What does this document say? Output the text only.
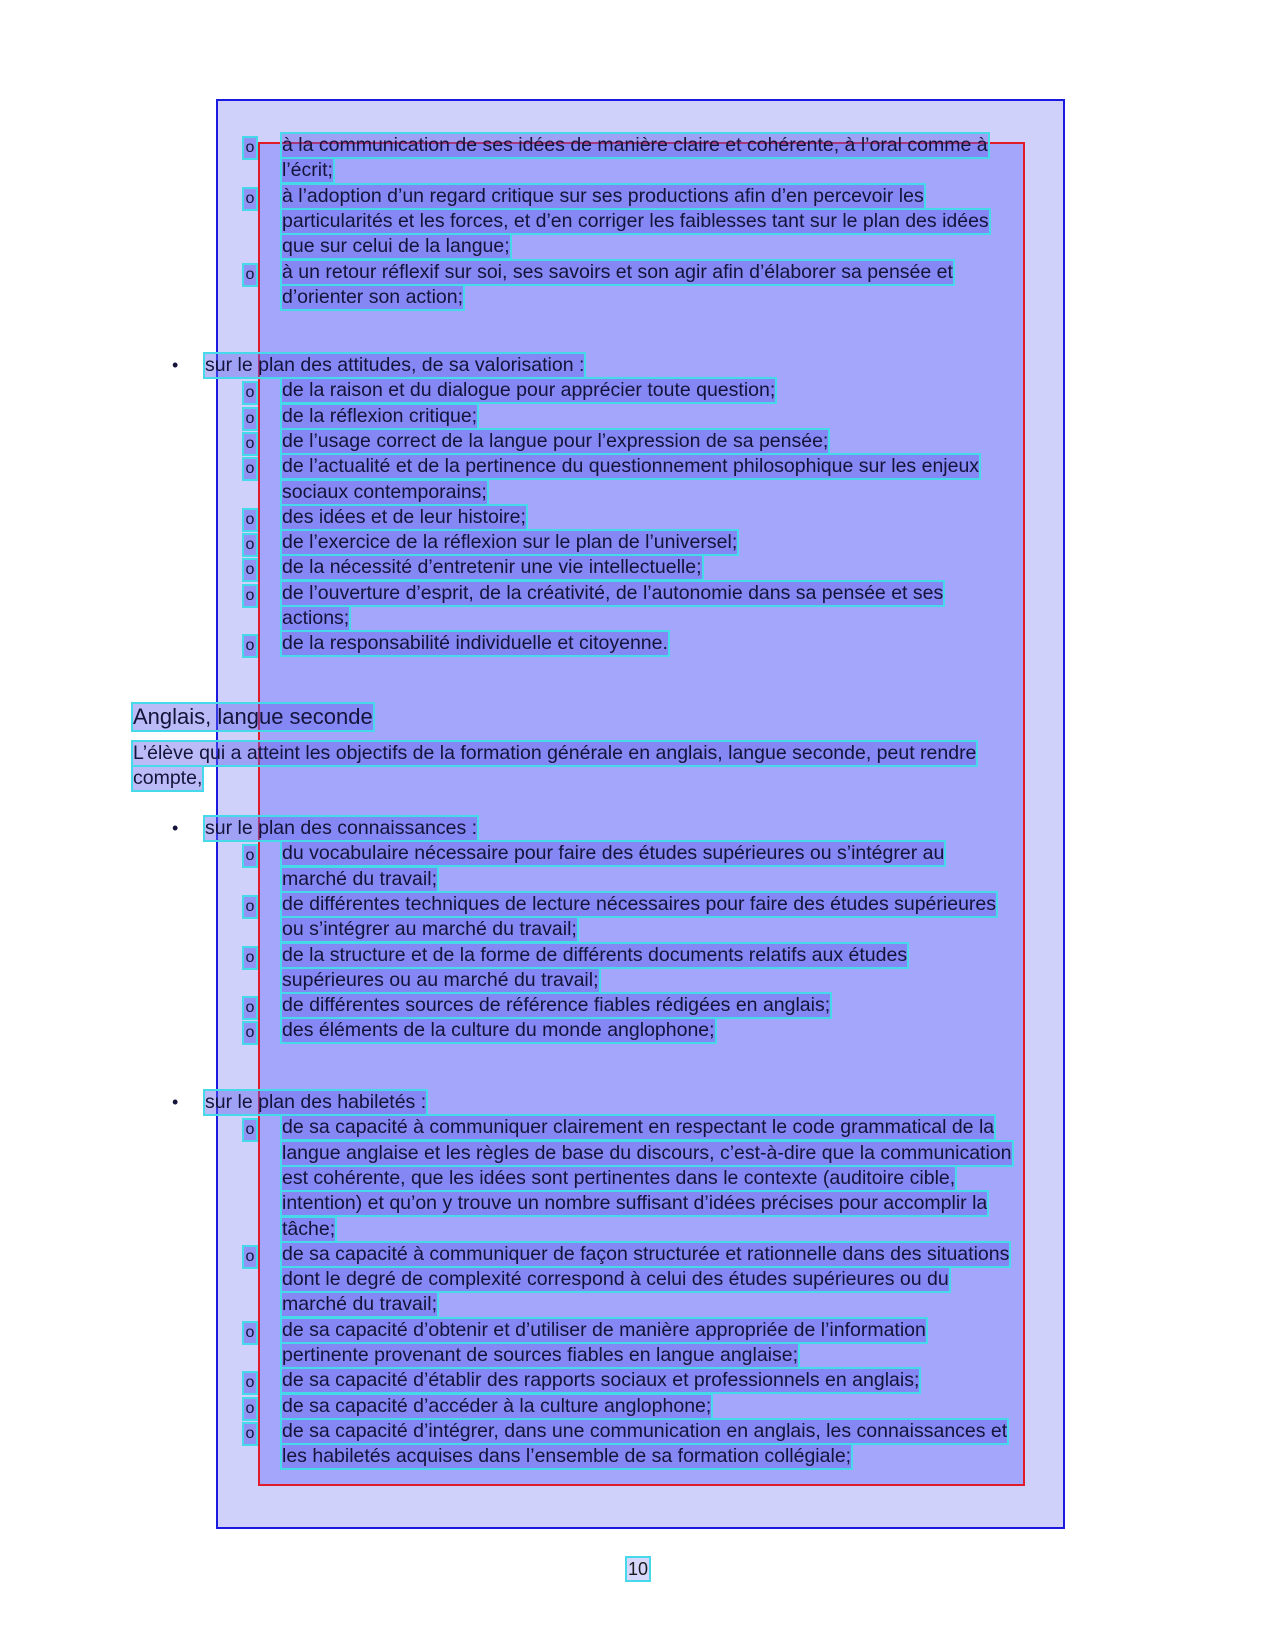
o à la communication de ses idées de manière claire et cohérente, à l’oral comme à
l’écrit;
o à l’adoption d’un regard critique sur ses productions afin d’en percevoir les
particularités et les forces, et d’en corriger les faiblesses tant sur le plan des idées
que sur celui de la langue;
o à un retour réflexif sur soi, ses savoirs et son agir afin d’élaborer sa pensée et
d’orienter son action;
• sur le plan des attitudes, de sa valorisation :
o de la raison et du dialogue pour apprécier toute question;
o de la réflexion critique;
o de l’usage correct de la langue pour l’expression de sa pensée;
o de l’actualité et de la pertinence du questionnement philosophique sur les enjeux
sociaux contemporains;
o des idées et de leur histoire;
o de l’exercice de la réflexion sur le plan de l’universel;
o de la nécessité d’entretenir une vie intellectuelle;
o de l’ouverture d’esprit, de la créativité, de l’autonomie dans sa pensée et ses
actions;
o de la responsabilité individuelle et citoyenne.
Anglais, langue seconde
L’élève qui a atteint les objectifs de la formation générale en anglais, langue seconde, peut rendre
compte,
• sur le plan des connaissances :
o du vocabulaire nécessaire pour faire des études supérieures ou s’intégrer au
marché du travail;
o de différentes techniques de lecture nécessaires pour faire des études supérieures
ou s’intégrer au marché du travail;
o de la structure et de la forme de différents documents relatifs aux études
supérieures ou au marché du travail;
o de différentes sources de référence fiables rédigées en anglais;
o des éléments de la culture du monde anglophone;
• sur le plan des habiletés :
o de sa capacité à communiquer clairement en respectant le code grammatical de la
langue anglaise et les règles de base du discours, c’est-à-dire que la communication
est cohérente, que les idées sont pertinentes dans le contexte (auditoire cible,
intention) et qu’on y trouve un nombre suffisant d’idées précises pour accomplir la
tâche;
o de sa capacité à communiquer de façon structurée et rationnelle dans des situations
dont le degré de complexité correspond à celui des études supérieures ou du
marché du travail;
o de sa capacité d’obtenir et d’utiliser de manière appropriée de l’information
pertinente provenant de sources fiables en langue anglaise;
o de sa capacité d’établir des rapports sociaux et professionnels en anglais;
o de sa capacité d’accéder à la culture anglophone;
o de sa capacité d’intégrer, dans une communication en anglais, les connaissances et
les habiletés acquises dans l’ensemble de sa formation collégiale;
10
